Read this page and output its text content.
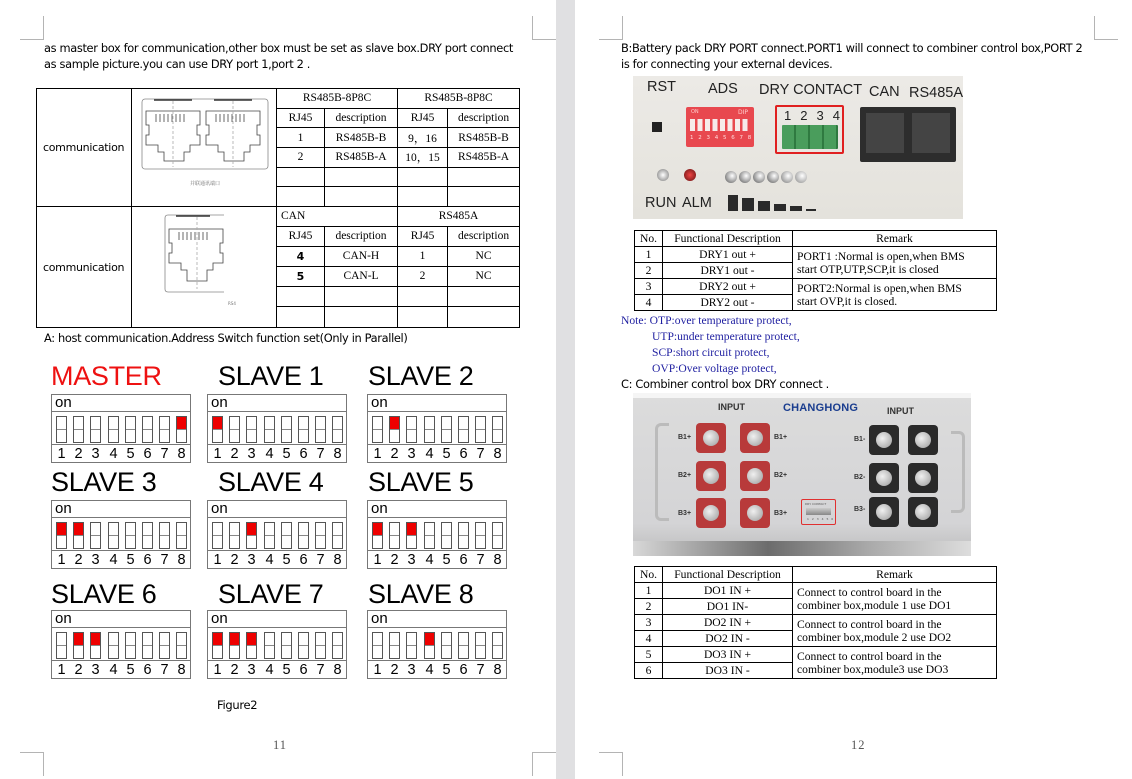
as master box for communication,other box must be set as slave box.DRY port connect
as sample picture.you can use DRY port 1,port 2 .
communication	并联通讯端口	RS485B-8P8C		RS485B-8P8C	
		RJ45	description	RJ45	description
		1	RS485B-B	9，16	RS485B-B
		2	RS485B-A	10，15	RS485B-A

communication	RS4	CAN		RS485A	
		RJ45	description	RJ45	description
		4	CAN-H	1	NC
		5	CAN-L	2	NC

A: host communication.Address Switch function set(Only in Parallel)
MASTER
on
1 2 3 4 5 6 7 8
SLAVE 1
on
1 2 3 4 5 6 7 8
SLAVE 2
on
1 2 3 4 5 6 7 8
SLAVE 3
on
1 2 3 4 5 6 7 8
SLAVE 4
on
1 2 3 4 5 6 7 8
SLAVE 5
on
1 2 3 4 5 6 7 8
SLAVE 6
on
1 2 3 4 5 6 7 8
SLAVE 7
on
1 2 3 4 5 6 7 8
SLAVE 8
on
1 2 3 4 5 6 7 8
Figure2
11
B:Battery pack DRY PORT connect.PORT1 will connect to combiner control box,PORT 2
is for connecting your external devices.
RST ADS DRY CONTACT CAN RS485A
ON	DIP
1 2 3 4 5 6 7 8
1 2 3 4
RUN ALM
No.	Functional Description	Remark
1	DRY1 out +	PORT1 :Normal is open,when BMS
start OTP,UTP,SCP,it is closed

2	DRY1 out -	
3	DRY2 out +	PORT2:Normal is open,when BMS
start OVP,it is closed.

4	DRY2 out -	
Note: OTP:over temperature protect,
UTP:under temperature protect,
SCP:short circuit protect,
OVP:Over voltage protect,
C: Combiner control box DRY connect .
INPUT	CHANGHONG	INPUT
B1+	B1+
B2+	B2+
B3+	B3+
B1-
B2-
B3-
DRY CONTACT
1 2 3 4 5 6
No.	Functional Description	Remark
1	DO1 IN +	Connect to control board in the
combiner box,module 1 use DO1

2	DO1 IN-	
3	DO2 IN +	Connect to control board in the
combiner box,module 2 use DO2

4	DO2 IN -	
5	DO3 IN +	Connect to control board in the
combiner box,module3 use DO3

6	DO3 IN -	
12
